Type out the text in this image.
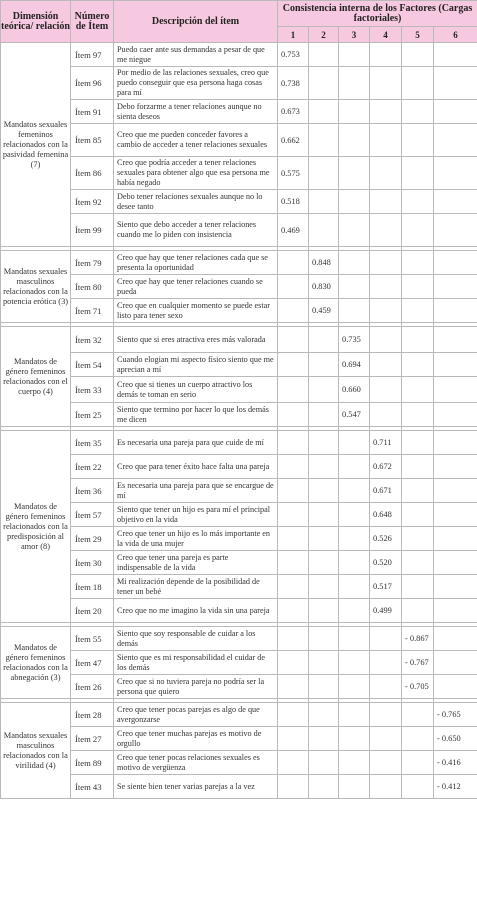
Dimensión teórica/ relación	Número de Ítem	Descripción del ítem	Consistencia interna de los Factores (Cargas factoriales)					
			1	2	3	4	5	6
Mandatos sexuales femeninos relacionados con la pasividad femenina (7)	Ítem 97	Puedo caer ante sus demandas a pesar de que me niegue	0.753					
	Ítem 96	Por medio de las relaciones sexuales, creo que puedo conseguir que esa persona haga cosas para mí	0.738					
	Ítem 91	Debo forzarme a tener relaciones aunque no sienta deseos	0.673					
	Ítem 85	Creo que me pueden conceder favores a cambio de acceder a tener relaciones sexuales	0.662					
	Ítem 86	Creo que podría acceder a tener relaciones sexuales para obtener algo que esa persona me había negado	0.575					
	Ítem 92	Debo tener relaciones sexuales aunque no lo desee tanto	0.518					
	Ítem 99	Siento que debo acceder a tener relaciones cuando me lo piden con insistencia	0.469					

Mandatos sexuales masculinos relacionados con la potencia erótica (3)	Ítem 79	Creo que hay que tener relaciones cada que se presenta la oportunidad		0.848				
	Ítem 80	Creo que hay que tener relaciones cuando se pueda		0.830				
	Ítem 71	Creo que en cualquier momento se puede estar listo para tener sexo		0.459				

Mandatos de género femeninos relacionados con el cuerpo (4)	Ítem 32	Siento que si eres atractiva eres más valorada			0.735			
	Ítem 54	Cuando elogian mi aspecto físico siento que me aprecian a mí			0.694			
	Ítem 33	Creo que si tienes un cuerpo atractivo los demás te toman en serio			0.660			
	Ítem 25	Siento que termino por hacer lo que los demás me dicen			0.547			

Mandatos de género femeninos relacionados con la predisposición al amor (8)	Ítem 35	Es necesaria una pareja para que cuide de mí				0.711		
	Ítem 22	Creo que para tener éxito hace falta una pareja				0.672		
	Ítem 36	Es necesaria una pareja para que se encargue de mí				0.671		
	Ítem 57	Siento que tener un hijo es para mí el principal objetivo en la vida				0.648		
	Ítem 29	Creo que tener un hijo es lo más importante en la vida de una mujer				0.526		
	Ítem 30	Creo que tener una pareja es parte indispensable de la vida				0.520		
	Ítem 18	Mi realización depende de la posibilidad de tener un bebé				0.517		
	Ítem 20	Creo que no me imagino la vida sin una pareja				0.499		

Mandatos de género femeninos relacionados con la abnegación (3)	Ítem 55	Siento que soy responsable de cuidar a los demás					- 0.867	
	Ítem 47	Siento que es mi responsabilidad el cuidar de los demás					- 0.767	
	Ítem 26	Creo que si no tuviera pareja no podría ser la persona que quiero					- 0.705	

Mandatos sexuales masculinos relacionados con la virilidad (4)	Ítem 28	Creo que tener pocas parejas es algo de que avergonzarse						- 0.765
	Ítem 27	Creo que tener muchas parejas es motivo de orgullo						- 0.650
	Ítem 89	Creo que tener pocas relaciones sexuales es motivo de vergüenza						- 0.416
	Ítem 43	Se siente bien tener varias parejas a la vez						- 0.412
